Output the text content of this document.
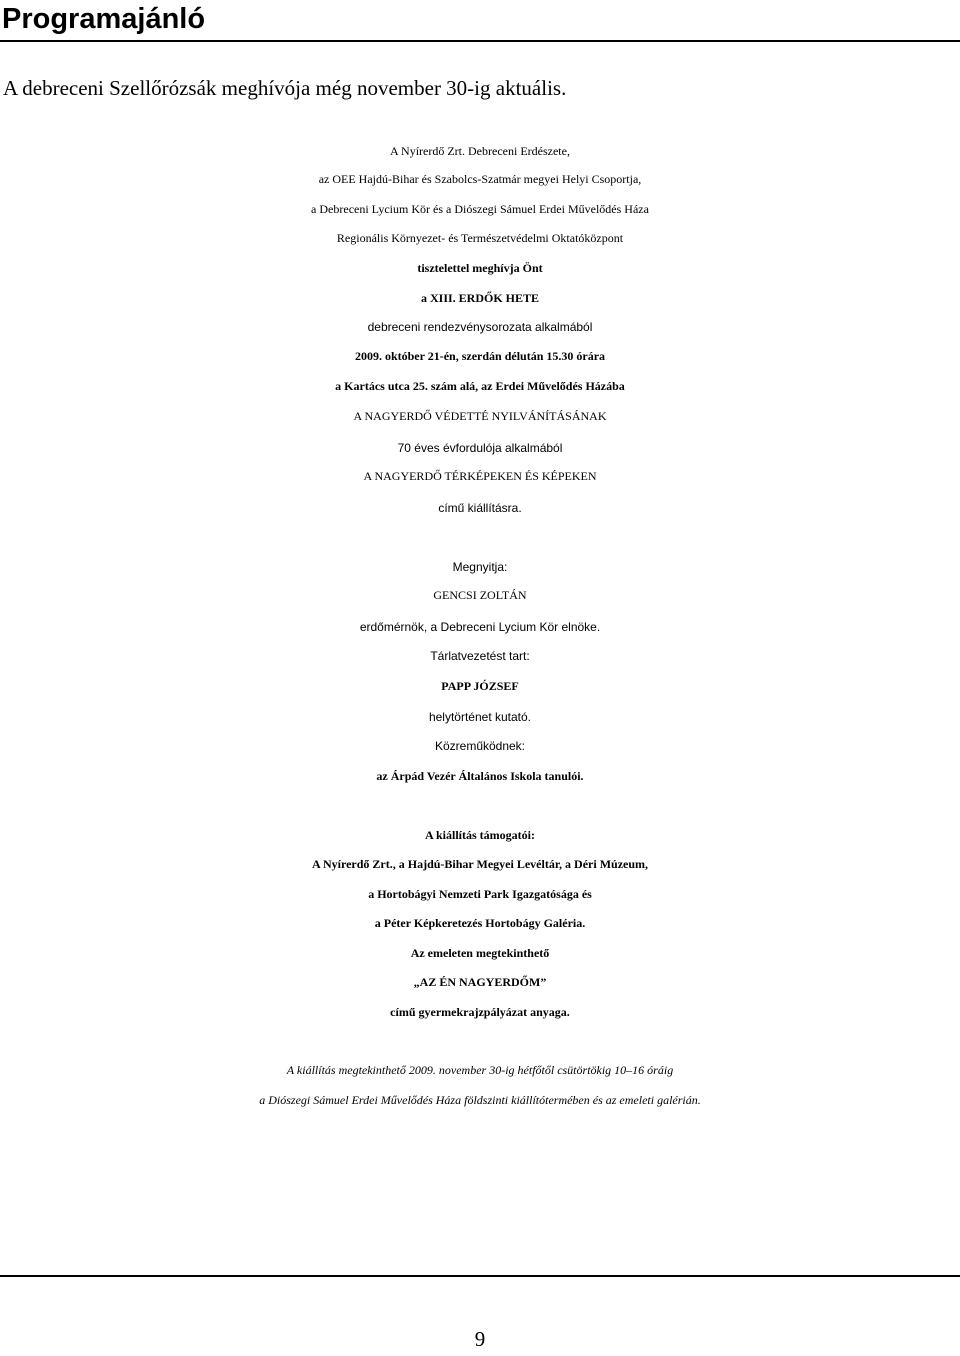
Programajánló
A debreceni Szellőrózsák meghívója még november 30-ig aktuális.
A Nyírerdő Zrt. Debreceni Erdészete,
az OEE Hajdú-Bihar és Szabolcs-Szatmár megyei Helyi Csoportja,
a Debreceni Lycium Kör és a Diószegi Sámuel Erdei Művelődés Háza
Regionális Környezet- és Természetvédelmi Oktatóközpont
tisztelettel meghívja Önt
a XIII. ERDŐK HETE
debreceni rendezvénysorozata alkalmából
2009. október 21-én, szerdán délután 15.30 órára
a Kartács utca 25. szám alá, az Erdei Művelődés Házába
A NAGYERDŐ VÉDETTÉ NYILVÁNÍTÁSÁNAK
70 éves évfordulója alkalmából
A NAGYERDŐ TÉRKÉPEKEN ÉS KÉPEKEN
című kiállításra.
Megnyitja:
GENCSI ZOLTÁN
erdőmérnök, a Debreceni Lycium Kör elnöke.
Tárlatvezetést tart:
PAPP JÓZSEF
helytörténet kutató.
Közreműködnek:
az Árpád Vezér Általános Iskola tanulói.
A kiállítás támogatói:
A Nyírerdő Zrt., a Hajdú-Bihar Megyei Levéltár, a Déri Múzeum,
a Hortobágyi Nemzeti Park Igazgatósága és
a Péter Képkeretezés Hortobágy Galéria.
Az emeleten megtekinthető
„AZ ÉN NAGYERDŐM”
című gyermekrajzpályázat anyaga.
A kiállítás megtekinthető 2009. november 30-ig hétfőtől csütörtökig 10–16 óráig
a Diószegi Sámuel Erdei Művelődés Háza földszinti kiállítótermében és az emeleti galérián.
9
